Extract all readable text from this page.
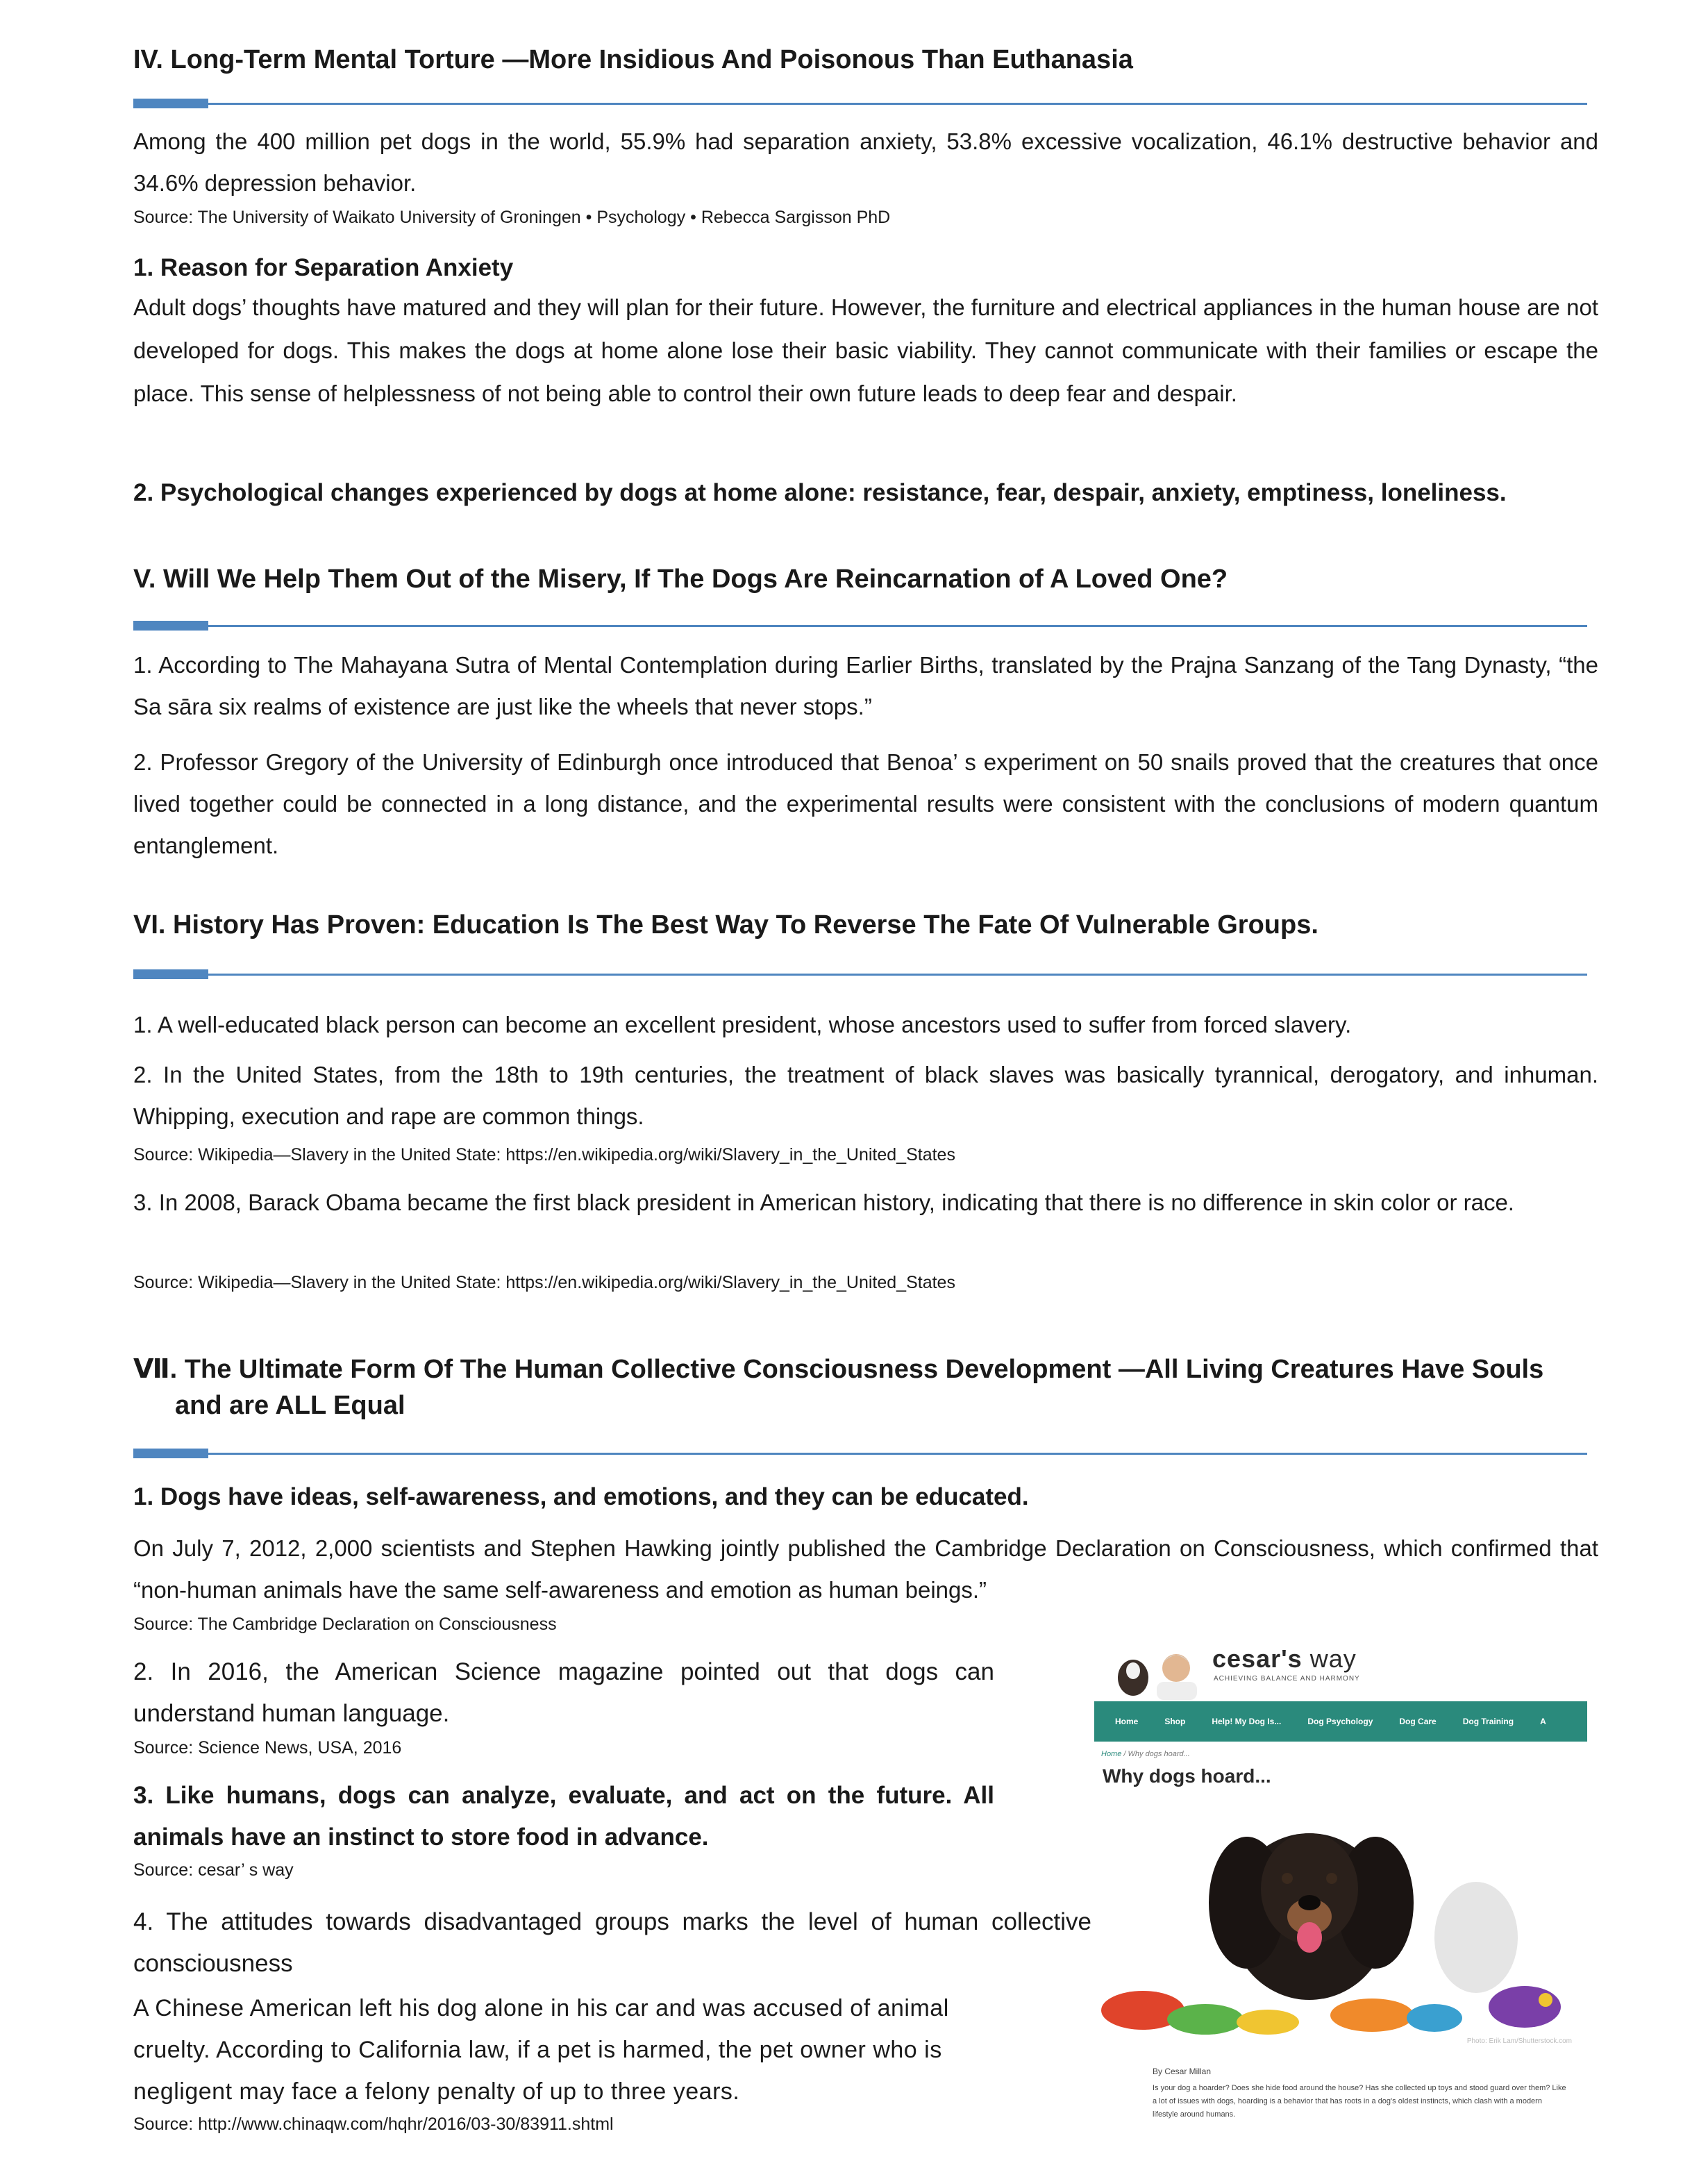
IV. Long-Term Mental Torture —More Insidious And Poisonous Than Euthanasia
Among the 400 million pet dogs in the world, 55.9% had separation anxiety, 53.8% excessive vocalization, 46.1% destructive behavior and 34.6% depression behavior.
Source: The University of Waikato University of Groningen • Psychology • Rebecca Sargisson PhD
1. Reason for Separation Anxiety
Adult dogs’ thoughts have matured and they will plan for their future. However, the furniture and electrical appliances in the human house are not developed for dogs. This makes the dogs at home alone lose their basic viability. They cannot communicate with their families or escape the place. This sense of helplessness of not being able to control their own future leads to deep fear and despair.
2. Psychological changes experienced by dogs at home alone: resistance, fear, despair, anxiety, emptiness, loneliness.
V. Will We Help Them Out of the Misery, If The Dogs Are Reincarnation of A Loved One?
1. According to The Mahayana Sutra of Mental Contemplation during Earlier Births, translated by the Prajna Sanzang of the Tang Dynasty, “the Sa sāra six realms of existence are just like the wheels that never stops.”
2. Professor Gregory of the University of Edinburgh once introduced that Benoa’ s experiment on 50 snails proved that the creatures that once lived together could be connected in a long distance, and the experimental results were consistent with the conclusions of modern quantum entanglement.
VI. History Has Proven: Education Is The Best Way To Reverse The Fate Of Vulnerable Groups.
1. A well-educated black person can become an excellent president, whose ancestors used to suffer from forced slavery.
2. In the United States, from the 18th to 19th centuries, the treatment of black slaves was basically tyrannical, derogatory, and inhuman. Whipping, execution and rape are common things.
Source: Wikipedia—Slavery in the United State: https://en.wikipedia.org/wiki/Slavery_in_the_United_States
3. In 2008, Barack Obama became the first black president in American history, indicating that there is no difference in skin color or race.
Source: Wikipedia—Slavery in the United State: https://en.wikipedia.org/wiki/Slavery_in_the_United_States
Ⅶ. The Ultimate Form Of The Human Collective Consciousness Development —All Living Creatures Have Souls
and are ALL Equal
1. Dogs have ideas, self-awareness, and emotions, and they can be educated.
On July 7, 2012, 2,000 scientists and Stephen Hawking jointly published the Cambridge Declaration on Consciousness, which confirmed that “non-human animals have the same self-awareness and emotion as human beings.”
Source: The Cambridge Declaration on Consciousness
2. In 2016, the American Science magazine pointed out that dogs can understand human language.
Source: Science News, USA, 2016
3. Like humans, dogs can analyze, evaluate, and act on the future. All animals have an instinct to store food in advance.
Source: cesar’ s way
4. The attitudes towards disadvantaged groups marks the level of human collective consciousness
A Chinese American left his dog alone in his car and was accused of animal cruelty. According to California law, if a pet is harmed, the pet owner who is negligent may face a felony penalty of up to three years.
Source: http://www.chinaqw.com/hqhr/2016/03-30/83911.shtml
cesar's way
ACHIEVING BALANCE AND HARMONY
Home	Shop	Help! My Dog Is...	Dog Psychology	Dog Care	Dog Training	A
Home / Why dogs hoard...
Why dogs hoard...
Photo: Erik Lam/Shutterstock.com
By Cesar Millan
Is your dog a hoarder? Does she hide food around the house? Has she collected up toys and stood guard over them? Like a lot of issues with dogs, hoarding is a behavior that has roots in a dog's oldest instincts, which clash with a modern lifestyle around humans.
